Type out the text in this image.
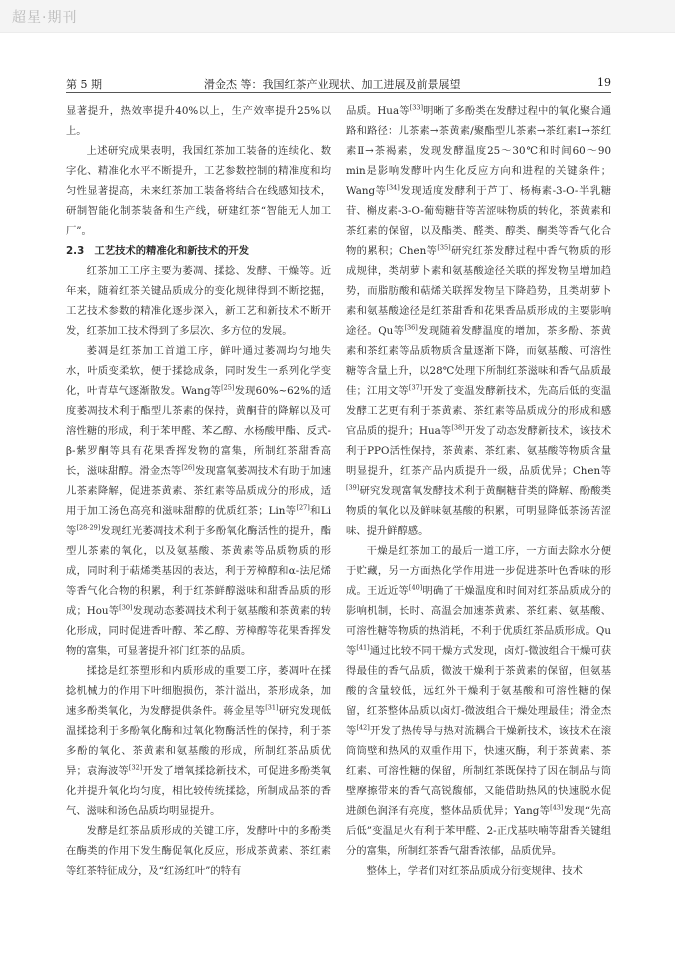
超星·期刊
第 5 期	滑金杰 等：我国红茶产业现状、加工进展及前景展望	19

显著提升，热效率提升40%以上，生产效率提升25%以上。

上述研究成果表明，我国红茶加工装备的连续化、数字化、精准化水平不断提升，工艺参数控制的精准度和均匀性显著提高，未来红茶加工装备将结合在线感知技术，研制智能化制茶装备和生产线，研建红茶“智能无人加工厂”。

2.3　工艺技术的精准化和新技术的开发

红茶加工工序主要为萎凋、揉捻、发酵、干燥等。近年来，随着红茶关键品质成分的变化规律得到不断挖掘，工艺技术参数的精准化逐步深入，新工艺和新技术不断开发，红茶加工技术得到了多层次、多方位的发展。

萎凋是红茶加工首道工序，鲜叶通过萎凋均匀地失水，叶质变柔软，便于揉捻成条，同时发生一系列化学变化，叶青草气逐渐散发。Wang等[25]发现60%~62%的适度萎凋技术利于酯型儿茶素的保持，黄酮苷的降解以及可溶性糖的形成，利于苯甲醛、苯乙醇、水杨酸甲酯、反式-β-紫罗酮等具有花果香挥发物的富集，所制红茶甜香高长，滋味甜醇。滑金杰等[26]发现富氧萎凋技术有助于加速儿茶素降解，促进茶黄素、茶红素等品质成分的形成，适用于加工汤色高亮和滋味甜醇的优质红茶；Lin等[27]和Li等[28-29]发现红光萎凋技术利于多酚氧化酶活性的提升，酯型儿茶素的氧化，以及氨基酸、茶黄素等品质物质的形成，同时利于萜烯类基因的表达，利于芳樟醇和α-法尼烯等香气化合物的积累，利于红茶鲜醇滋味和甜香品质的形成；Hou等[30]发现动态萎凋技术利于氨基酸和茶黄素的转化形成，同时促进香叶醇、苯乙醇、芳樟醇等花果香挥发物的富集，可显著提升祁门红茶的品质。

揉捻是红茶塑形和内质形成的重要工序，萎凋叶在揉捻机械力的作用下叶细胞损伤，茶汁溢出，茶形成条，加速多酚类氧化，为发酵提供条件。蒋金星等[31]研究发现低温揉捻利于多酚氧化酶和过氧化物酶活性的保持，利于茶多酚的氧化、茶黄素和氨基酸的形成，所制红茶品质优异；袁海波等[32]开发了增氧揉捻新技术，可促进多酚类氧化并提升氧化均匀度，相比较传统揉捻，所制成品茶的香气、滋味和汤色品质均明显提升。

发酵是红茶品质形成的关键工序，发酵叶中的多酚类在酶类的作用下发生酶促氧化反应，形成茶黄素、茶红素等红茶特征成分，及“红汤红叶”的特有

品质。Hua等[33]明晰了多酚类在发酵过程中的氧化聚合通路和路径：儿茶素→茶黄素/聚酯型儿茶素→茶红素Ⅰ→茶红素Ⅱ→茶褐素，发现发酵温度25～30℃和时间60～90 min是影响发酵叶内生化反应方向和进程的关键条件；Wang等[34]发现适度发酵利于芦丁、杨梅素-3-O-半乳糖苷、槲皮素-3-O-葡萄糖苷等苦涩味物质的转化，茶黄素和茶红素的保留，以及酯类、醛类、醇类、酮类等香气化合物的累积；Chen等[35]研究红茶发酵过程中香气物质的形成规律，类胡萝卜素和氨基酸途径关联的挥发物呈增加趋势，而脂肪酸和萜烯关联挥发物呈下降趋势，且类胡萝卜素和氨基酸途径是红茶甜香和花果香品质形成的主要影响途径。Qu等[36]发现随着发酵温度的增加，茶多酚、茶黄素和茶红素等品质物质含量逐渐下降，而氨基酸、可溶性糖等含量上升，以28℃处理下所制红茶滋味和香气品质最佳；江用文等[37]开发了变温发酵新技术，先高后低的变温发酵工艺更有利于茶黄素、茶红素等品质成分的形成和感官品质的提升；Hua等[38]开发了动态发酵新技术，该技术利于PPO活性保持，茶黄素、茶红素、氨基酸等物质含量明显提升，红茶产品内质提升一级，品质优异；Chen等[39]研究发现富氧发酵技术利于黄酮糖苷类的降解、酚酸类物质的氧化以及鲜味氨基酸的积累，可明显降低茶汤苦涩味、提升鲜醇感。

干燥是红茶加工的最后一道工序，一方面去除水分便于贮藏，另一方面热化学作用进一步促进茶叶色香味的形成。王近近等[40]明确了干燥温度和时间对红茶品质成分的影响机制，长时、高温会加速茶黄素、茶红素、氨基酸、可溶性糖等物质的热消耗，不利于优质红茶品质形成。Qu等[41]通过比较不同干燥方式发现，卤灯-微波组合干燥可获得最佳的香气品质，微波干燥利于茶黄素的保留，但氨基酸的含量较低，远红外干燥利于氨基酸和可溶性糖的保留，红茶整体品质以卤灯-微波组合干燥处理最佳；滑金杰等[42]开发了热传导与热对流耦合干燥新技术，该技术在滚筒筒壁和热风的双重作用下，快速灭酶，利于茶黄素、茶红素、可溶性糖的保留，所制红茶既保持了因在制品与筒壁摩擦带来的香气高锐馥郁，又能借助热风的快速脱水促进颜色润泽有亮度，整体品质优异；Yang等[43]发现“先高后低”变温足火有利于苯甲醛、2-正戊基呋喃等甜香关键组分的富集，所制红茶香气甜香浓郁，品质优异。

整体上，学者们对红茶品质成分衍变规律、技术
